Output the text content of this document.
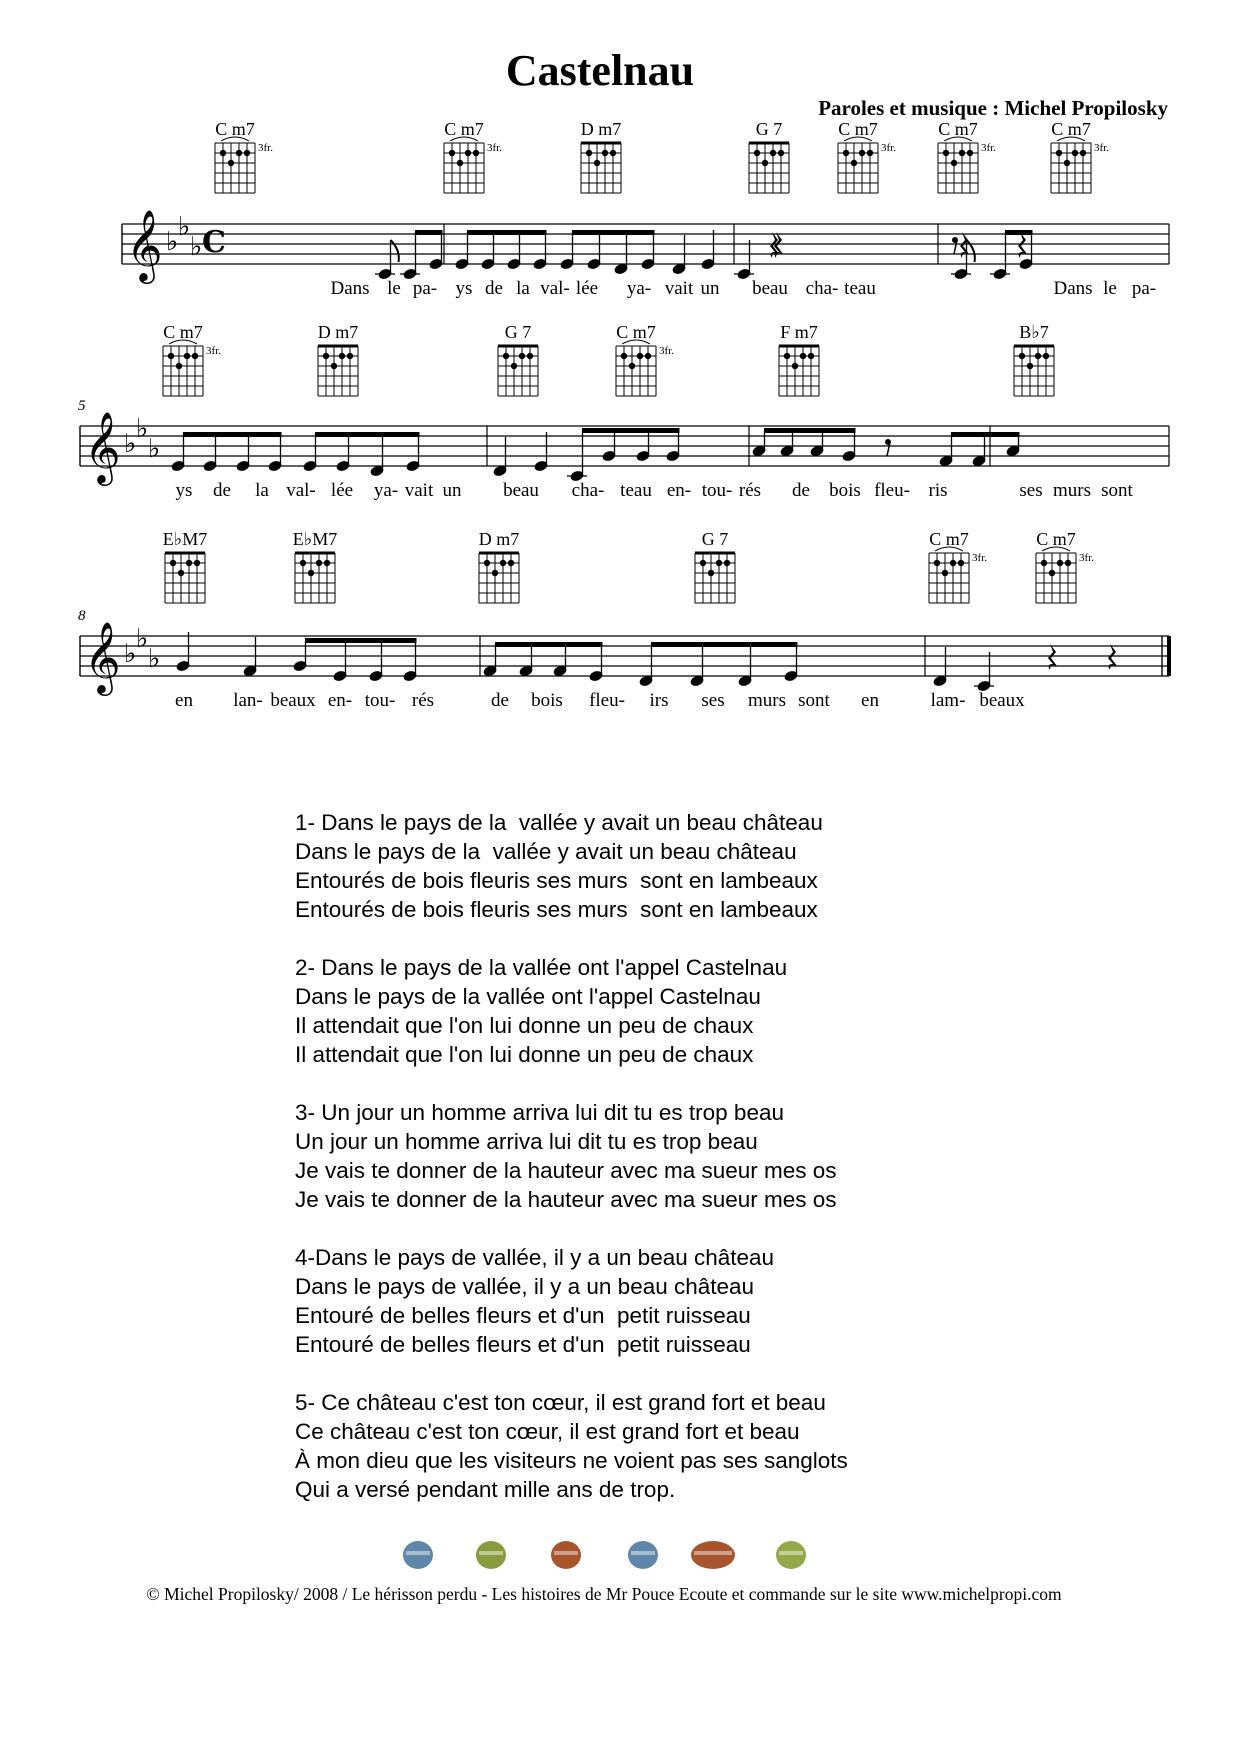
Castelnau
Paroles et musique : Michel Propilosky
𝄞 ♭ ♭
♭ C
C m7
3fr.
C m7
3fr.
D m7	G 7	C m7
3fr.
C m7
3fr.
C m7
3fr.
Dans le pa- ys de la val- lée ya- vait un beau cha- teau	Dans le pa-
𝄞 ♭ ♭
♭
5
C m7
3fr.
D m7	G 7	C m7
3fr.
F m7	B♭7
ys de la val- lée ya- vait un beau cha- teau en- tou- rés de bois fleu- ris	ses murs sont
𝄞 ♭ ♭
♭
8
E♭M7	E♭M7	D m7	G 7	C m7
3fr.
C m7
3fr.
en lan- beaux en- tou- rés	de bois fleu- irs ses murs sont en	lam- beaux
1- Dans le pays de la  vallée y avait un beau château
Dans le pays de la  vallée y avait un beau château
Entourés de bois fleuris ses murs  sont en lambeaux
Entourés de bois fleuris ses murs  sont en lambeaux
2- Dans le pays de la vallée ont l'appel Castelnau
Dans le pays de la vallée ont l'appel Castelnau
Il attendait que l'on lui donne un peu de chaux
Il attendait que l'on lui donne un peu de chaux
3- Un jour un homme arriva lui dit tu es trop beau
Un jour un homme arriva lui dit tu es trop beau
Je vais te donner de la hauteur avec ma sueur mes os
Je vais te donner de la hauteur avec ma sueur mes os
4-Dans le pays de vallée, il y a un beau château
Dans le pays de vallée, il y a un beau château
Entouré de belles fleurs et d'un  petit ruisseau
Entouré de belles fleurs et d'un  petit ruisseau
5- Ce château c'est ton cœur, il est grand fort et beau
Ce château c'est ton cœur, il est grand fort et beau
À mon dieu que les visiteurs ne voient pas ses sanglots
Qui a versé pendant mille ans de trop.
© Michel Propilosky/ 2008 / Le hérisson perdu - Les histoires de Mr Pouce Ecoute et commande sur le site www.michelpropi.com
